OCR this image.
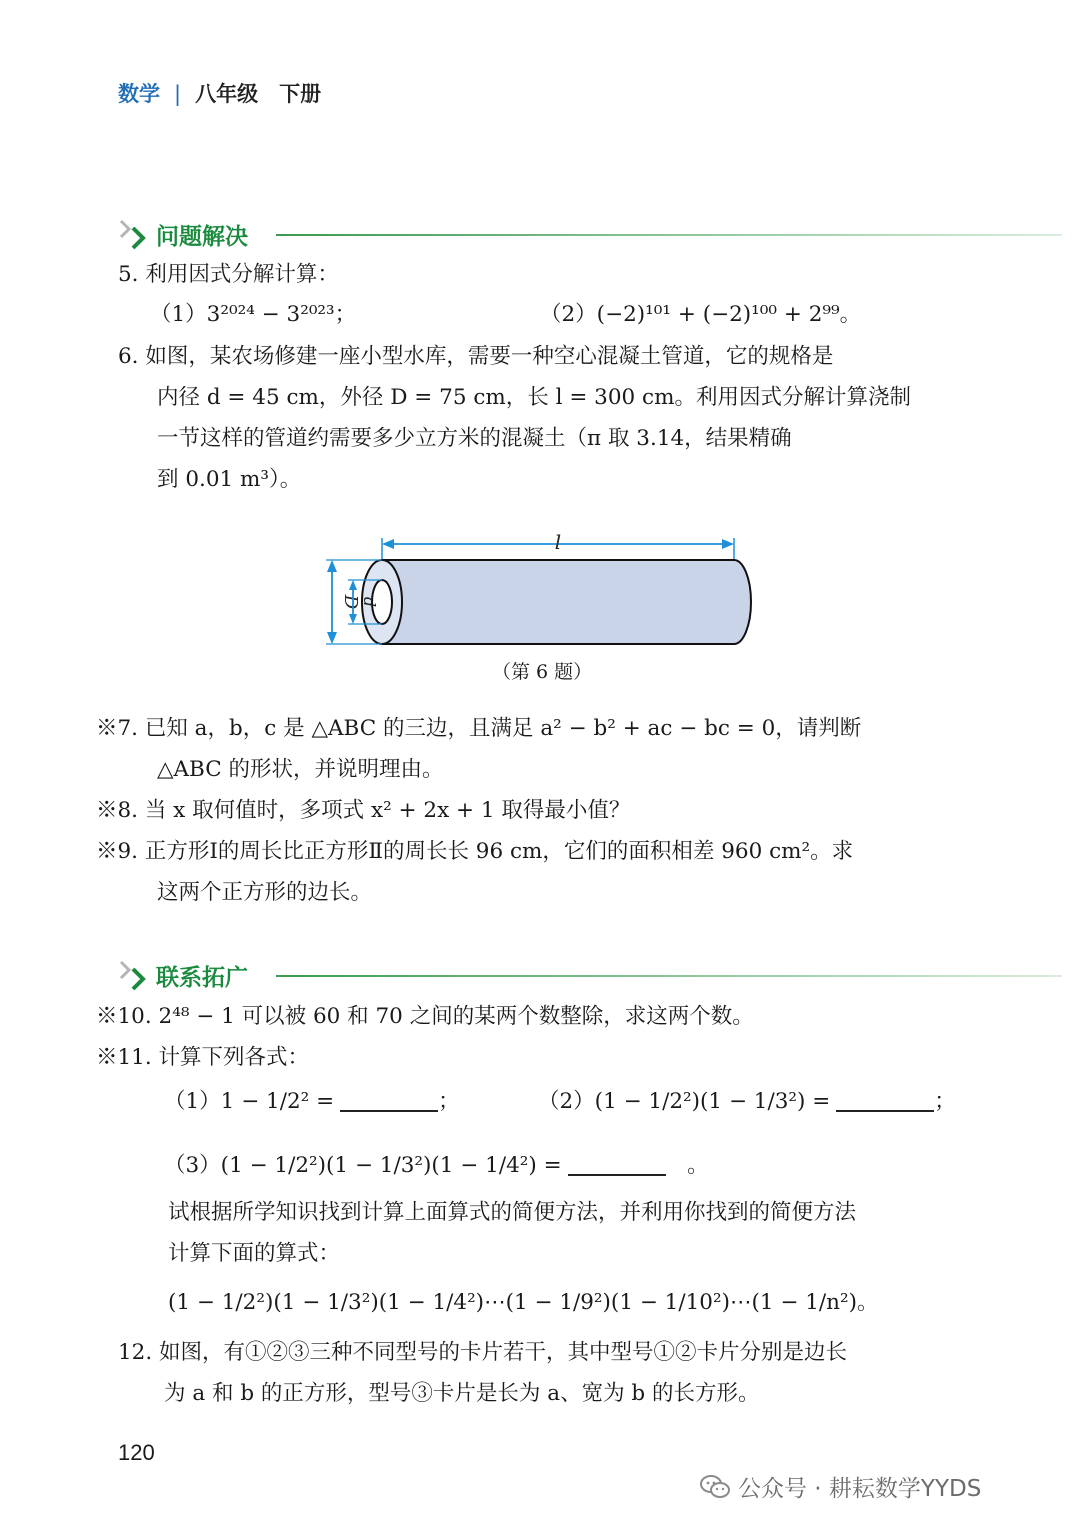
数学 | 八年级　下册
问题解决
5. 利用因式分解计算：
（1）3²⁰²⁴ − 3²⁰²³；	（2）(−2)¹⁰¹ + (−2)¹⁰⁰ + 2⁹⁹。
6. 如图，某农场修建一座小型水库，需要一种空心混凝土管道，它的规格是
内径 d = 45 cm，外径 D = 75 cm，长 l = 300 cm。利用因式分解计算浇制
一节这样的管道约需要多少立方米的混凝土（π 取 3.14，结果精确
到 0.01 m³）。
l
D d
（第 6 题）
※7. 已知 a，b，c 是 △ABC 的三边，且满足 a² − b² + ac − bc = 0，请判断
△ABC 的形状，并说明理由。
※8. 当 x 取何值时，多项式 x² + 2x + 1 取得最小值？
※9. 正方形Ⅰ的周长比正方形Ⅱ的周长长 96 cm，它们的面积相差 960 cm²。求
这两个正方形的边长。
联系拓广
※10. 2⁴⁸ − 1 可以被 60 和 70 之间的某两个数整除，求这两个数。
※11. 计算下列各式：
（1）1 − 1/2² =	；	（2）(1 − 1/2²)(1 − 1/3²) =	；
（3）(1 − 1/2²)(1 − 1/3²)(1 − 1/4²) =	　。
试根据所学知识找到计算上面算式的简便方法，并利用你找到的简便方法
计算下面的算式：
(1 − 1/2²)(1 − 1/3²)(1 − 1/4²)⋯(1 − 1/9²)(1 − 1/10²)⋯(1 − 1/n²)。
12. 如图，有①②③三种不同型号的卡片若干，其中型号①②卡片分别是边长
为 a 和 b 的正方形，型号③卡片是长为 a、宽为 b 的长方形。
120
公众号 · 耕耘数学YYDS
